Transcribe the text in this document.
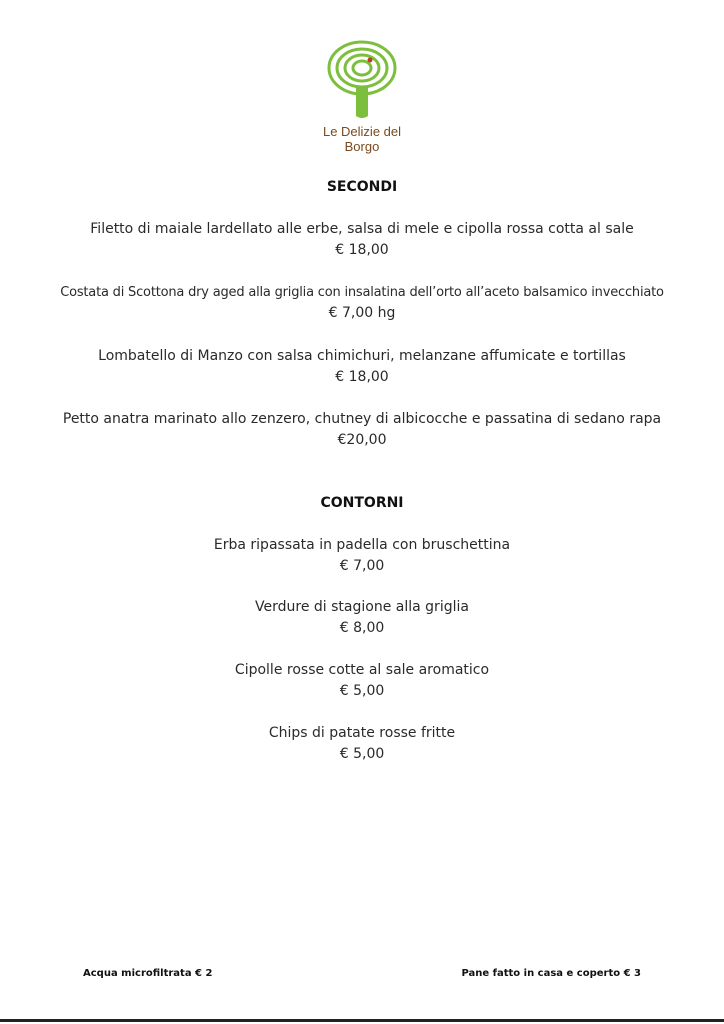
Le Delizie del Borgo
SECONDI
Filetto di maiale lardellato alle erbe, salsa di mele e cipolla rossa cotta al sale
€ 18,00
Costata di Scottona dry aged alla griglia con insalatina dell’orto all’aceto balsamico invecchiato
€ 7,00 hg
Lombatello di Manzo con salsa chimichuri, melanzane affumicate e tortillas
€ 18,00
Petto anatra marinato allo zenzero, chutney di albicocche e passatina di sedano rapa
€20,00
CONTORNI
Erba ripassata in padella con bruschettina
€ 7,00
Verdure di stagione alla griglia
€ 8,00
Cipolle rosse cotte al sale aromatico
€ 5,00
Chips di patate rosse fritte
€ 5,00
Acqua microfiltrata € 2	Pane fatto in casa e coperto € 3
